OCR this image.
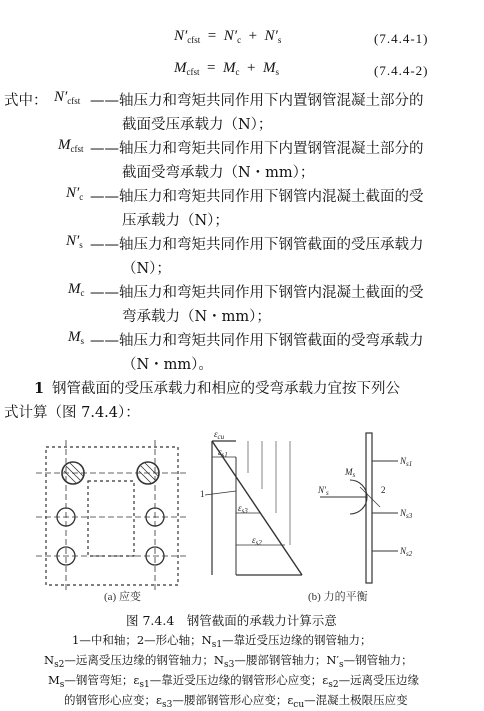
$N'_{cfst} = N'_c + N'_s$	(7.4.4-1)
$M_{cfst} = M_c + M_s$	(7.4.4-2)
式中： $N'_{cfst}$ ——轴压力和弯矩共同作用下内置钢管混凝土部分的
截面受压承载力（N）；
$M_{cfst}$ ——轴压力和弯矩共同作用下内置钢管混凝土部分的
截面受弯承载力（N・mm）；
$N'_c$ ——轴压力和弯矩共同作用下钢管内混凝土截面的受
压承载力（N）；
$N'_s$ ——轴压力和弯矩共同作用下钢管截面的受压承载力
（N）；
$M_c$ ——轴压力和弯矩共同作用下钢管内混凝土截面的受
弯承载力（N・mm）；
$M_s$ ——轴压力和弯矩共同作用下钢管截面的受弯承载力
（N・mm）。
1 钢管截面的受压承载力和相应的受弯承载力宜按下列公
式计算（图 7.4.4）：
$\varepsilon_{cu}$
$\varepsilon_{s1}$
$\varepsilon_{s3}$
$\varepsilon_{s2}$
1
$N_{s1}$
$N_{s3}$
$N_{s2}$
$M_s$
$N'_s$	2
(a) 应变	(b) 力的平衡
图 7.4.4　钢管截面的承载力计算示意
1—中和轴；2—形心轴；$N_{s1}—$靠近受压边缘的钢管轴力；
$N_{s2}—$远离受压边缘的钢管轴力；$N_{s3}—$腰部钢管轴力；$N'_s—$钢管轴力；
$M_s—$钢管弯矩；$\varepsilon_{s1}—$靠近受压边缘的钢管形心应变；$\varepsilon_{s2}—$远离受压边缘
的钢管形心应变；$\varepsilon_{s3}—$腰部钢管形心应变；$\varepsilon_{cu}—$混凝土极限压应变
